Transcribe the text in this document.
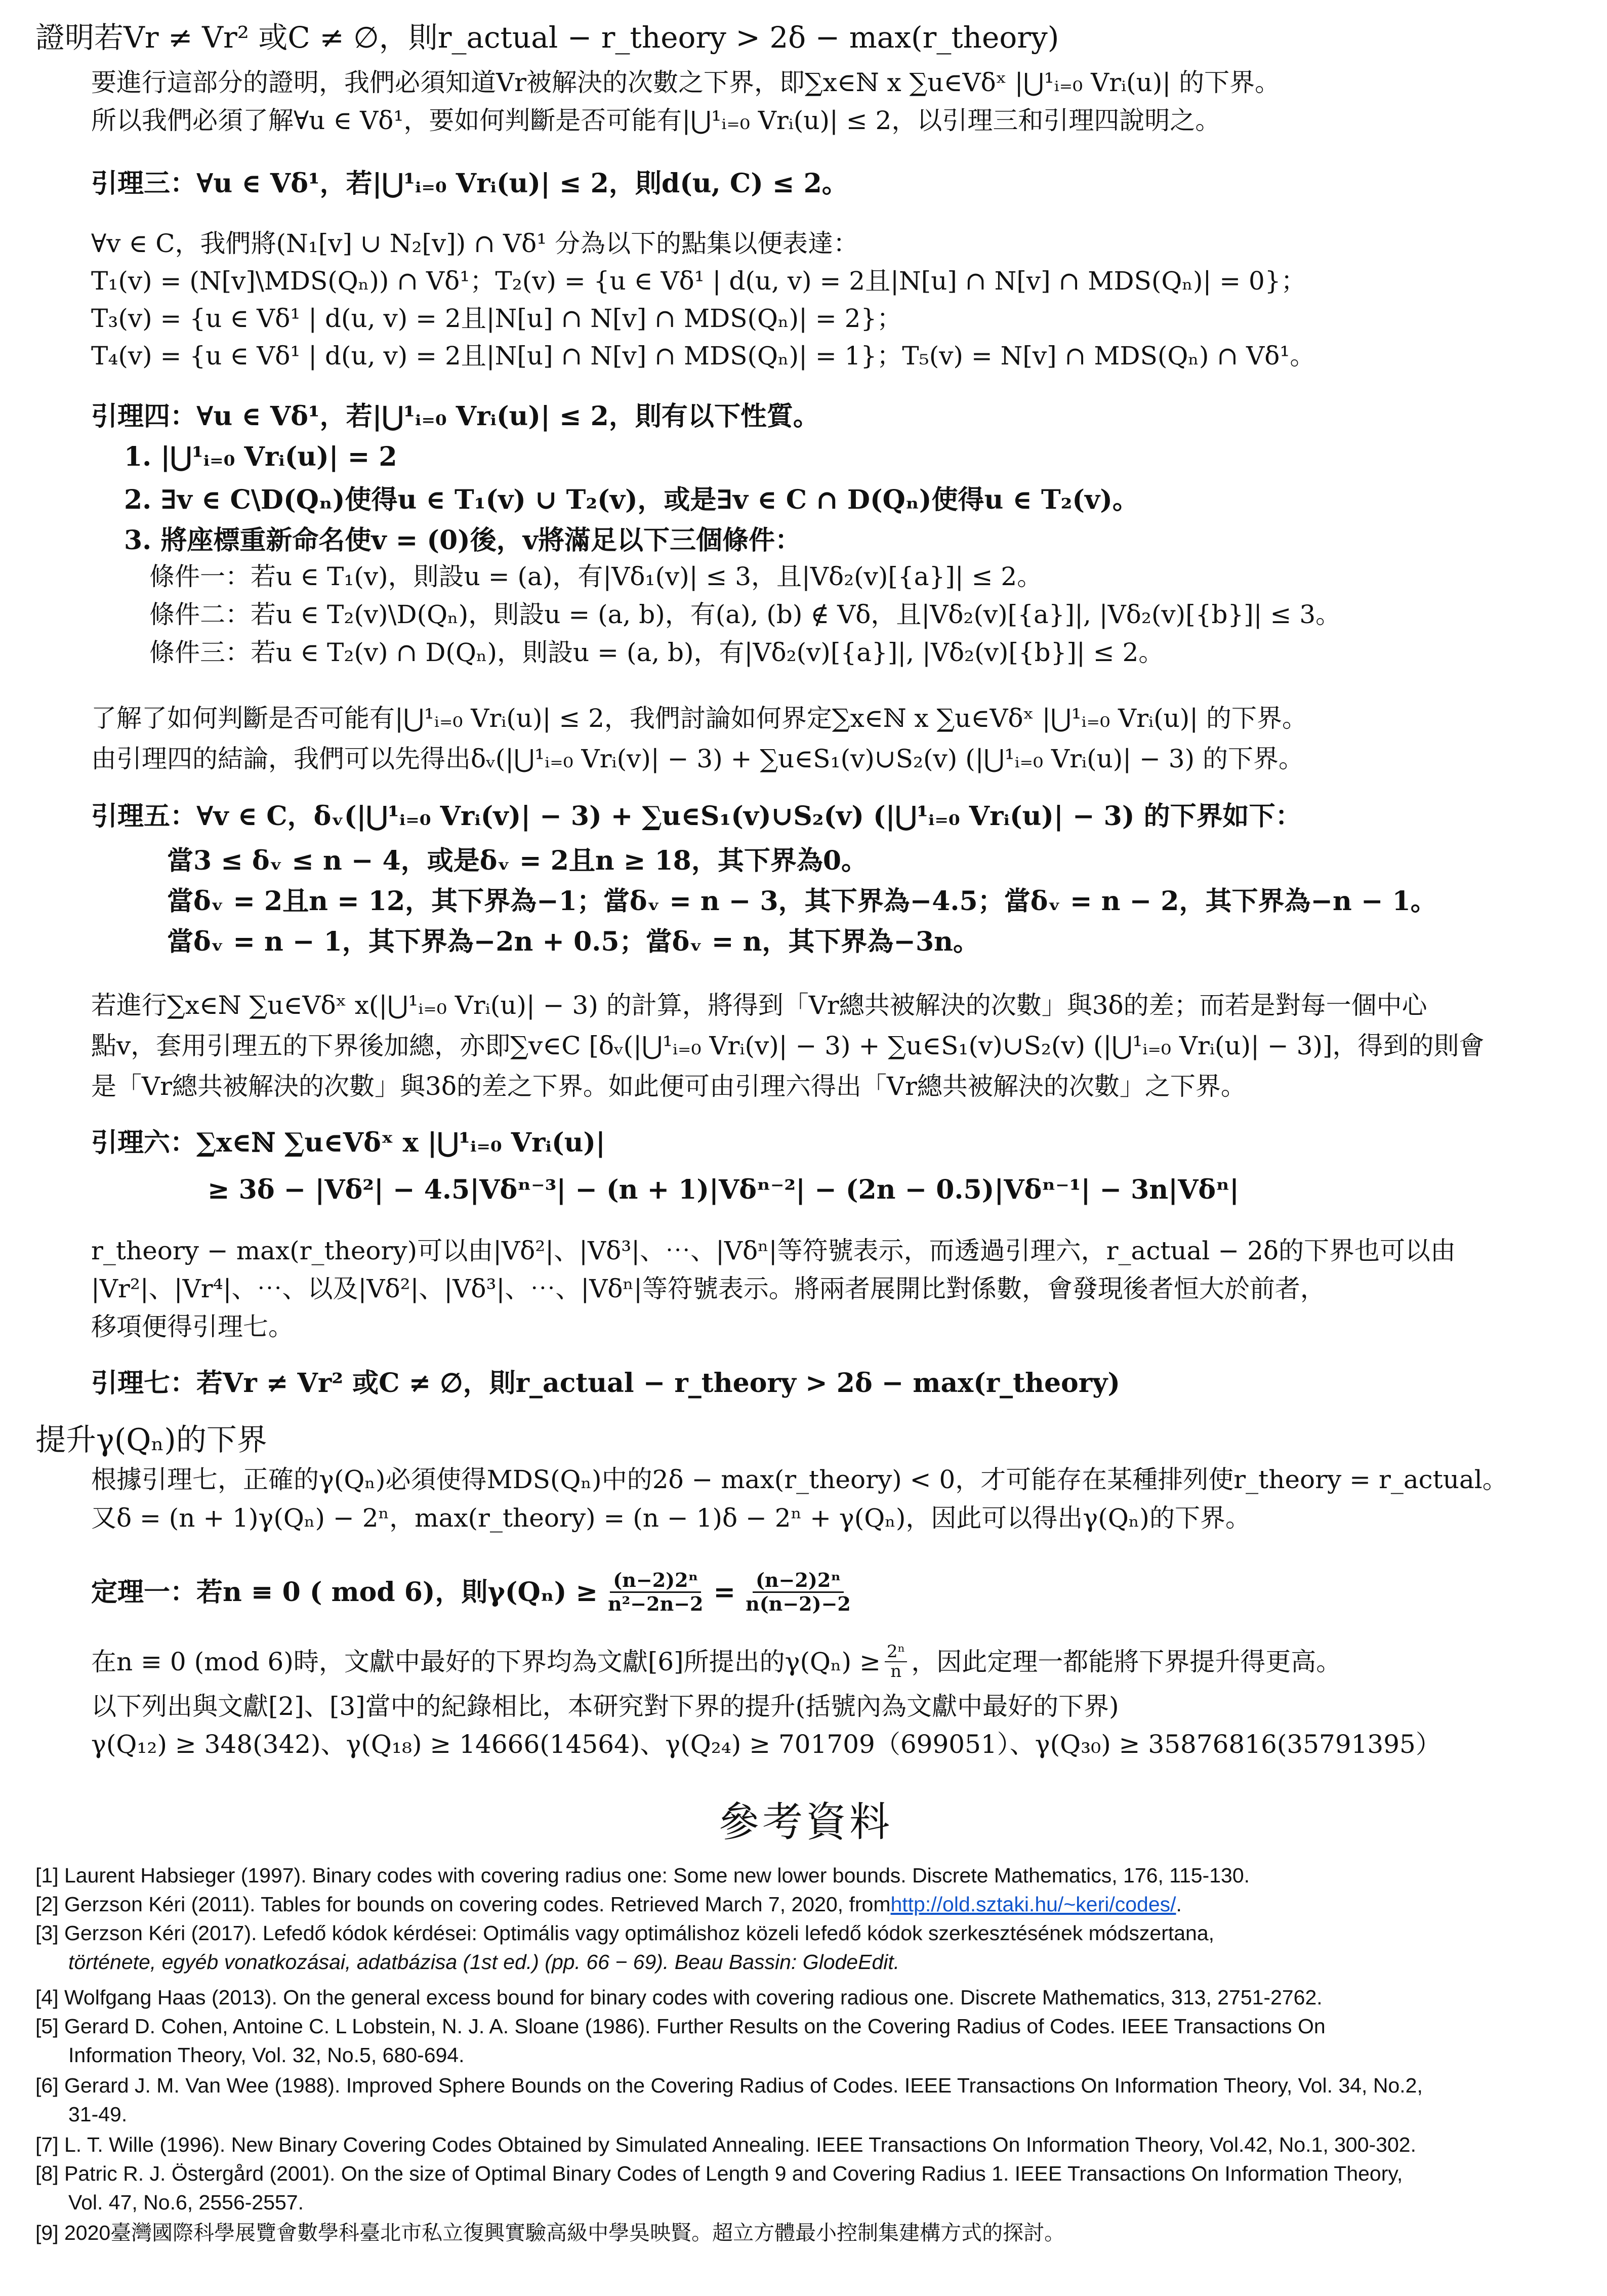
證明若Vr ≠ Vr² 或C ≠ ∅，則r_actual − r_theory > 2δ − max(r_theory)
要進行這部分的證明，我們必須知道Vr被解決的次數之下界，即∑x∈ℕ x ∑u∈Vδˣ |⋃¹ᵢ₌₀ Vrᵢ(u)| 的下界。
所以我們必須了解∀u ∈ Vδ¹，要如何判斷是否可能有|⋃¹ᵢ₌₀ Vrᵢ(u)| ≤ 2，以引理三和引理四說明之。
引理三：∀u ∈ Vδ¹，若|⋃¹ᵢ₌₀ Vrᵢ(u)| ≤ 2，則d(u, C) ≤ 2。
∀v ∈ C，我們將(N₁[v] ∪ N₂[v]) ∩ Vδ¹ 分為以下的點集以便表達：
T₁(v) = (N[v]\MDS(Qₙ)) ∩ Vδ¹；T₂(v) = {u ∈ Vδ¹ | d(u, v) = 2且|N[u] ∩ N[v] ∩ MDS(Qₙ)| = 0}；
T₃(v) = {u ∈ Vδ¹ | d(u, v) = 2且|N[u] ∩ N[v] ∩ MDS(Qₙ)| = 2}；
T₄(v) = {u ∈ Vδ¹ | d(u, v) = 2且|N[u] ∩ N[v] ∩ MDS(Qₙ)| = 1}；T₅(v) = N[v] ∩ MDS(Qₙ) ∩ Vδ¹。
引理四：∀u ∈ Vδ¹，若|⋃¹ᵢ₌₀ Vrᵢ(u)| ≤ 2，則有以下性質。
1. |⋃¹ᵢ₌₀ Vrᵢ(u)| = 2
2. ∃v ∈ C\D(Qₙ)使得u ∈ T₁(v) ∪ T₂(v)，或是∃v ∈ C ∩ D(Qₙ)使得u ∈ T₂(v)。
3. 將座標重新命名使v = (0)後，v將滿足以下三個條件：
條件一：若u ∈ T₁(v)，則設u = (a)，有|Vδ₁(v)| ≤ 3，且|Vδ₂(v)[{a}]| ≤ 2。
條件二：若u ∈ T₂(v)\D(Qₙ)，則設u = (a, b)，有(a), (b) ∉ Vδ，且|Vδ₂(v)[{a}]|, |Vδ₂(v)[{b}]| ≤ 3。
條件三：若u ∈ T₂(v) ∩ D(Qₙ)，則設u = (a, b)，有|Vδ₂(v)[{a}]|, |Vδ₂(v)[{b}]| ≤ 2。
了解了如何判斷是否可能有|⋃¹ᵢ₌₀ Vrᵢ(u)| ≤ 2，我們討論如何界定∑x∈ℕ x ∑u∈Vδˣ |⋃¹ᵢ₌₀ Vrᵢ(u)| 的下界。
由引理四的結論，我們可以先得出δᵥ(|⋃¹ᵢ₌₀ Vrᵢ(v)| − 3) + ∑u∈S₁(v)∪S₂(v) (|⋃¹ᵢ₌₀ Vrᵢ(u)| − 3) 的下界。
引理五：∀v ∈ C，δᵥ(|⋃¹ᵢ₌₀ Vrᵢ(v)| − 3) + ∑u∈S₁(v)∪S₂(v) (|⋃¹ᵢ₌₀ Vrᵢ(u)| − 3) 的下界如下：
當3 ≤ δᵥ ≤ n − 4，或是δᵥ = 2且n ≥ 18，其下界為0。
當δᵥ = 2且n = 12，其下界為−1；當δᵥ = n − 3，其下界為−4.5；當δᵥ = n − 2，其下界為−n − 1。
當δᵥ = n − 1，其下界為−2n + 0.5；當δᵥ = n，其下界為−3n。
若進行∑x∈ℕ ∑u∈Vδˣ x(|⋃¹ᵢ₌₀ Vrᵢ(u)| − 3) 的計算，將得到「Vr總共被解決的次數」與3δ的差；而若是對每一個中心
點v，套用引理五的下界後加總，亦即∑v∈C [δᵥ(|⋃¹ᵢ₌₀ Vrᵢ(v)| − 3) + ∑u∈S₁(v)∪S₂(v) (|⋃¹ᵢ₌₀ Vrᵢ(u)| − 3)]，得到的則會
是「Vr總共被解決的次數」與3δ的差之下界。如此便可由引理六得出「Vr總共被解決的次數」之下界。
引理六：∑x∈ℕ ∑u∈Vδˣ x |⋃¹ᵢ₌₀ Vrᵢ(u)|
≥ 3δ − |Vδ²| − 4.5|Vδⁿ⁻³| − (n + 1)|Vδⁿ⁻²| − (2n − 0.5)|Vδⁿ⁻¹| − 3n|Vδⁿ|
r_theory − max(r_theory)可以由|Vδ²|、|Vδ³|、⋯、|Vδⁿ|等符號表示，而透過引理六，r_actual − 2δ的下界也可以由
|Vr²|、|Vr⁴|、⋯、以及|Vδ²|、|Vδ³|、⋯、|Vδⁿ|等符號表示。將兩者展開比對係數，會發現後者恒大於前者，
移項便得引理七。
引理七：若Vr ≠ Vr² 或C ≠ ∅，則r_actual − r_theory > 2δ − max(r_theory)
提升γ(Qₙ)的下界
根據引理七，正確的γ(Qₙ)必須使得MDS(Qₙ)中的2δ − max(r_theory) < 0，才可能存在某種排列使r_theory = r_actual。
又δ = (n + 1)γ(Qₙ) − 2ⁿ，max(r_theory) = (n − 1)δ − 2ⁿ + γ(Qₙ)，因此可以得出γ(Qₙ)的下界。
定理一：若n ≡ 0 ( mod 6)，則$\gamma(Q_n) \ge \frac{\text{(n−2)2ⁿ}}{\text{n²−2n−2}} = \frac{\text{(n−2)2ⁿ}}{n(n-2)-2}$
在n ≡ 0 (mod 6)時，文獻中最好的下界均為文獻[6]所提出的$\gamma(Q_n) \ge \frac{\text{2ⁿ}}{n}$ ，因此定理一都能將下界提升得更高。
以下列出與文獻[2]、[3]當中的紀錄相比，本研究對下界的提升(括號內為文獻中最好的下界)
γ(Q₁₂) ≥ 348(342)、γ(Q₁₈) ≥ 14666(14564)、γ(Q₂₄) ≥ 701709（699051）、γ(Q₃₀) ≥ 35876816(35791395）
參考資料
[1] Laurent Habsieger (1997). Binary codes with covering radius one: Some new lower bounds. Discrete Mathematics, 176, 115-130.
[2] Gerzson Kéri (2011). Tables for bounds on covering codes. Retrieved March 7, 2020, fromhttp://old.sztaki.hu/~keri/codes/.
[3] Gerzson Kéri (2017). Lefedő kódok kérdései: Optimális vagy optimálishoz közeli lefedő kódok szerkesztésének módszertana,
története, egyéb vonatkozásai, adatbázisa (1st ed.) (pp. 66 − 69). Beau Bassin: GlodeEdit.
[4] Wolfgang Haas (2013). On the general excess bound for binary codes with covering radious one. Discrete Mathematics, 313, 2751-2762.
[5] Gerard D. Cohen, Antoine C. L Lobstein, N. J. A. Sloane (1986). Further Results on the Covering Radius of Codes. IEEE Transactions On
Information Theory, Vol. 32, No.5, 680-694.
[6] Gerard J. M. Van Wee (1988). Improved Sphere Bounds on the Covering Radius of Codes. IEEE Transactions On Information Theory, Vol. 34, No.2,
31-49.
[7] L. T. Wille (1996). New Binary Covering Codes Obtained by Simulated Annealing. IEEE Transactions On Information Theory, Vol.42, No.1, 300-302.
[8] Patric R. J. Östergård (2001). On the size of Optimal Binary Codes of Length 9 and Covering Radius 1. IEEE Transactions On Information Theory,
Vol. 47, No.6, 2556-2557.
[9] 2020臺灣國際科學展覽會數學科臺北市私立復興實驗高級中學吳映賢。超立方體最小控制集建構方式的探討。
